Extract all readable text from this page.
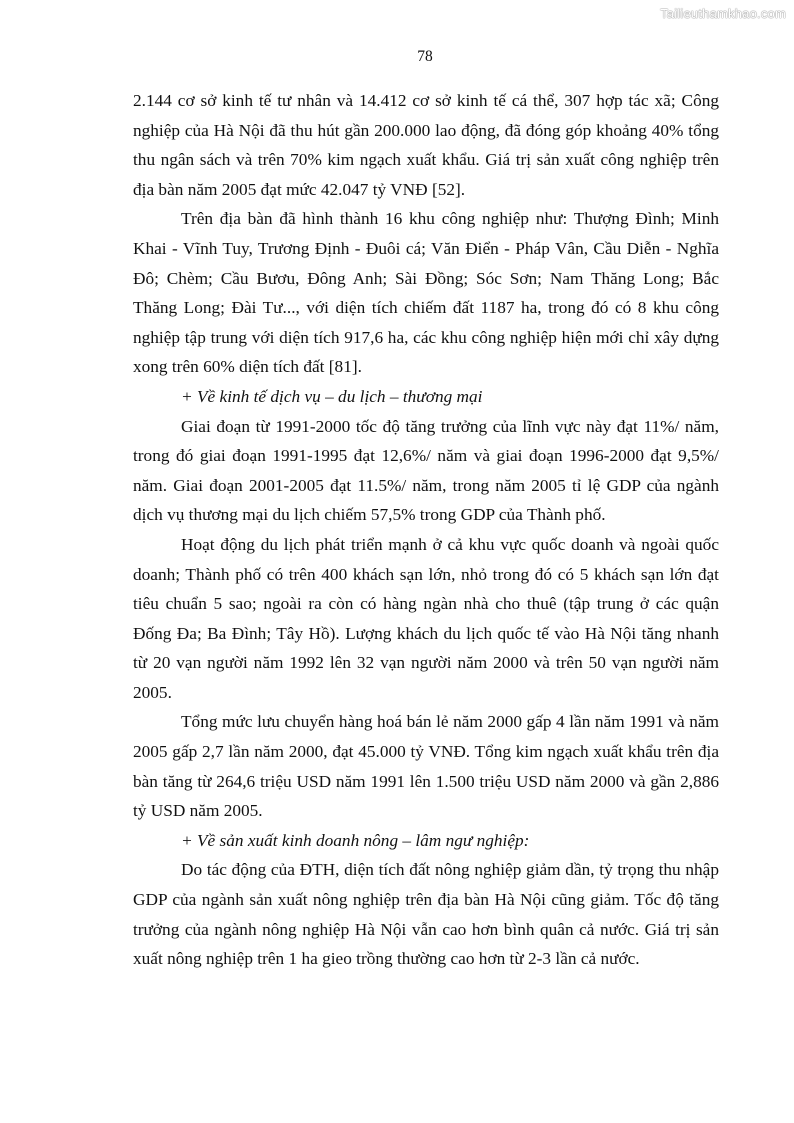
Tailieuthamkhao.com
78

2.144 cơ sở kinh tế tư nhân và 14.412 cơ sở kinh tế cá thể, 307 hợp tác xã; Công nghiệp của Hà Nội đã thu hút gần 200.000 lao động, đã đóng góp khoảng 40% tổng thu ngân sách và trên 70% kim ngạch xuất khẩu. Giá trị sản xuất công nghiệp trên địa bàn năm 2005 đạt mức 42.047 tỷ VNĐ [52].

Trên địa bàn đã hình thành 16 khu công nghiệp như: Thượng Đình; Minh Khai - Vĩnh Tuy, Trương Định - Đuôi cá; Văn Điển - Pháp Vân, Cầu Diễn - Nghĩa Đô; Chèm; Cầu Bươu, Đông Anh; Sài Đồng; Sóc Sơn; Nam Thăng Long; Bắc Thăng Long; Đài Tư..., với diện tích chiếm đất 1187 ha, trong đó có 8 khu công nghiệp tập trung với diện tích 917,6 ha, các khu công nghiệp hiện mới chỉ xây dựng xong trên 60% diện tích đất [81].

+ Về kinh tế dịch vụ – du lịch – thương mại

Giai đoạn từ 1991-2000 tốc độ tăng trưởng của lĩnh vực này đạt 11%/ năm, trong đó giai đoạn 1991-1995 đạt 12,6%/ năm và giai đoạn 1996-2000 đạt 9,5%/ năm. Giai đoạn 2001-2005 đạt 11.5%/ năm, trong năm 2005 tỉ lệ GDP của ngành dịch vụ thương mại du lịch chiếm 57,5% trong GDP của Thành phố.

Hoạt động du lịch phát triển mạnh ở cả khu vực quốc doanh và ngoài quốc doanh; Thành phố có trên 400 khách sạn lớn, nhỏ trong đó có 5 khách sạn lớn đạt tiêu chuẩn 5 sao; ngoài ra còn có hàng ngàn nhà cho thuê (tập trung ở các quận Đống Đa; Ba Đình; Tây Hồ). Lượng khách du lịch quốc tế vào Hà Nội tăng nhanh từ 20 vạn người năm 1992 lên 32 vạn người năm 2000 và trên 50 vạn người năm 2005.

Tổng mức lưu chuyển hàng hoá bán lẻ năm 2000 gấp 4 lần năm 1991 và năm 2005 gấp 2,7 lần năm 2000, đạt 45.000 tỷ VNĐ. Tổng kim ngạch xuất khẩu trên địa bàn tăng từ 264,6 triệu USD năm 1991 lên 1.500 triệu USD năm 2000 và gần 2,886 tỷ USD năm 2005.

+ Về sản xuất kinh doanh nông – lâm ngư nghiệp:

Do tác động của ĐTH, diện tích đất nông nghiệp giảm dần, tỷ trọng thu nhập GDP của ngành sản xuất nông nghiệp trên địa bàn Hà Nội cũng giảm. Tốc độ tăng trưởng của ngành nông nghiệp Hà Nội vẫn cao hơn bình quân cả nước. Giá trị sản xuất nông nghiệp trên 1 ha gieo trồng thường cao hơn từ 2-3 lần cả nước.
